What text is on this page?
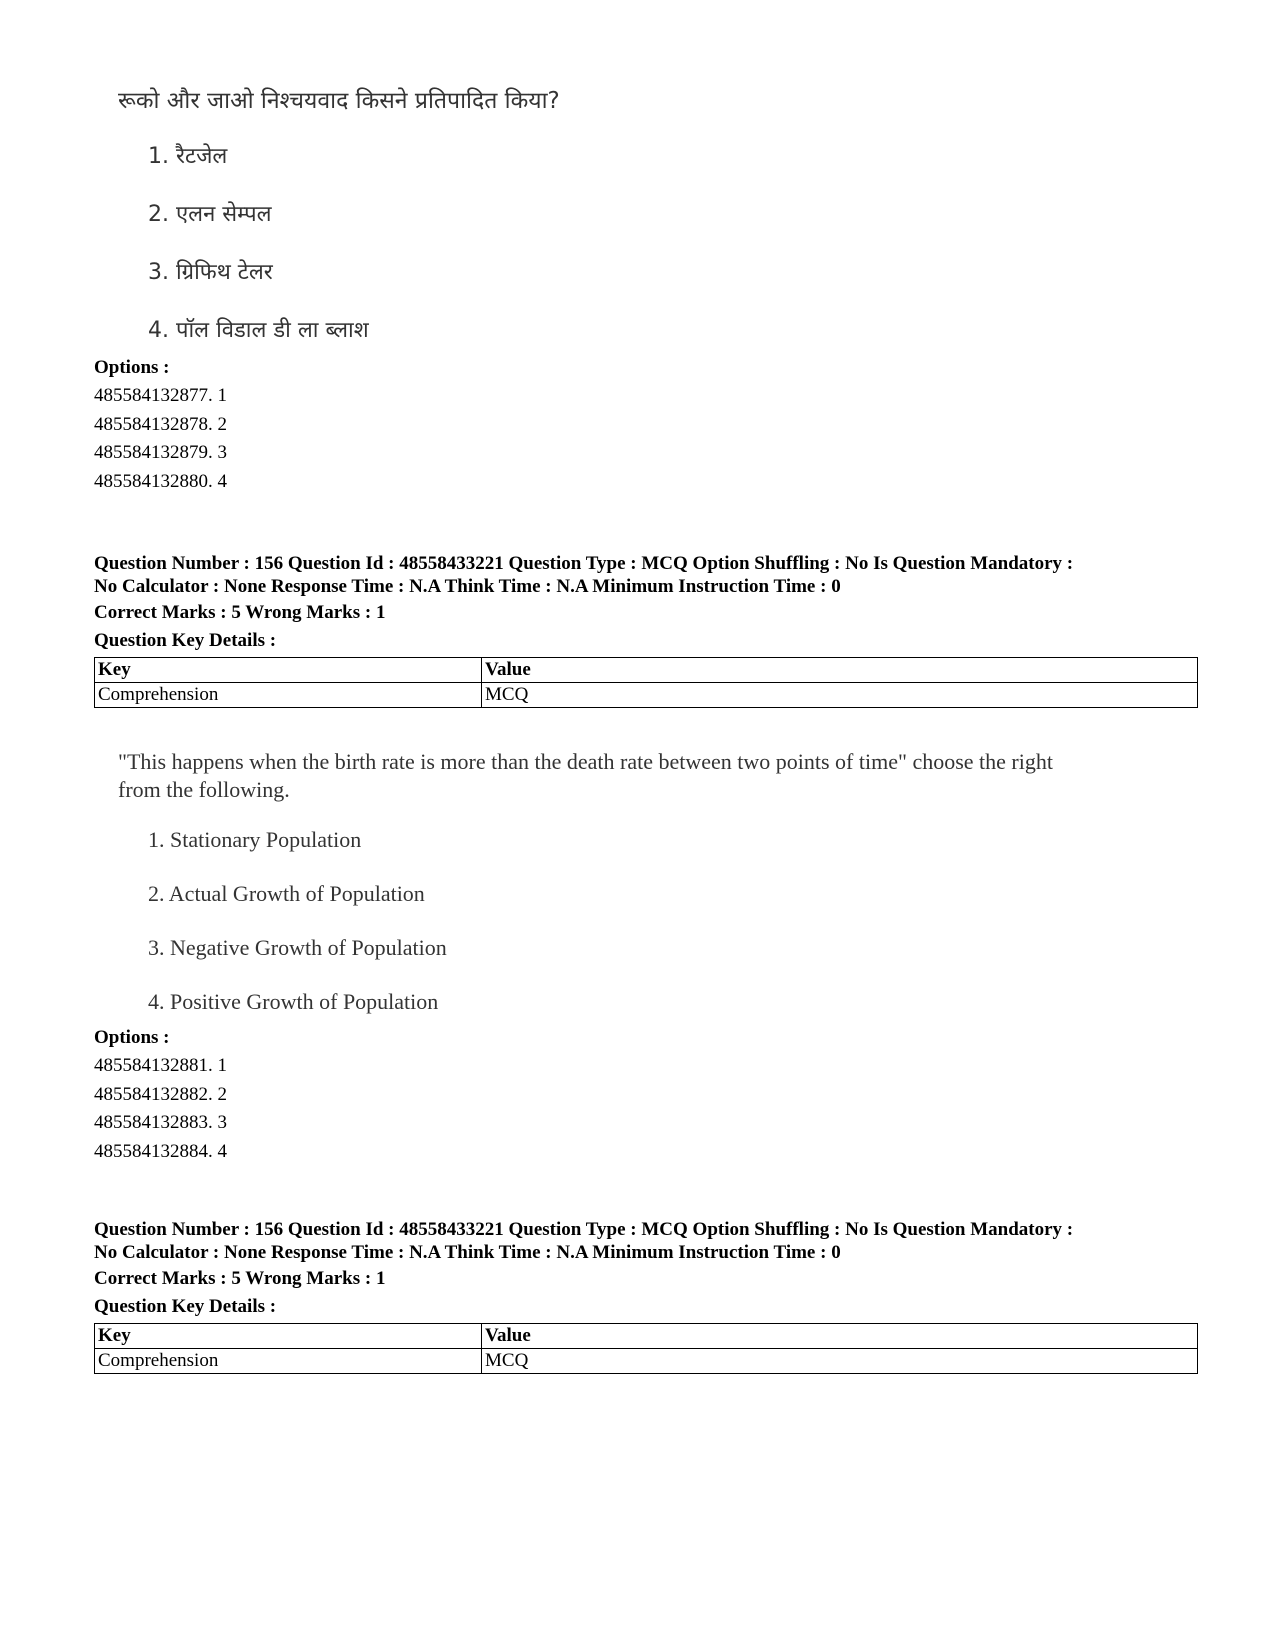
रूको और जाओ निश्चयवाद किसने प्रतिपादित किया?
1. रैटजेल
2. एलन सेम्पल
3. ग्रिफिथ टेलर
4. पॉल विडाल डी ला ब्लाश
Options :
485584132877. 1
485584132878. 2
485584132879. 3
485584132880. 4
Question Number : 156 Question Id : 48558433221 Question Type : MCQ Option Shuffling : No Is Question Mandatory :
No Calculator : None Response Time : N.A Think Time : N.A Minimum Instruction Time : 0
Correct Marks : 5 Wrong Marks : 1
Question Key Details :
Key	Value
Comprehension	MCQ
"This happens when the birth rate is more than the death rate between two points of time" choose the right
from the following.
1. Stationary Population
2. Actual Growth of Population
3. Negative Growth of Population
4. Positive Growth of Population
Options :
485584132881. 1
485584132882. 2
485584132883. 3
485584132884. 4
Question Number : 156 Question Id : 48558433221 Question Type : MCQ Option Shuffling : No Is Question Mandatory :
No Calculator : None Response Time : N.A Think Time : N.A Minimum Instruction Time : 0
Correct Marks : 5 Wrong Marks : 1
Question Key Details :
Key	Value
Comprehension	MCQ
